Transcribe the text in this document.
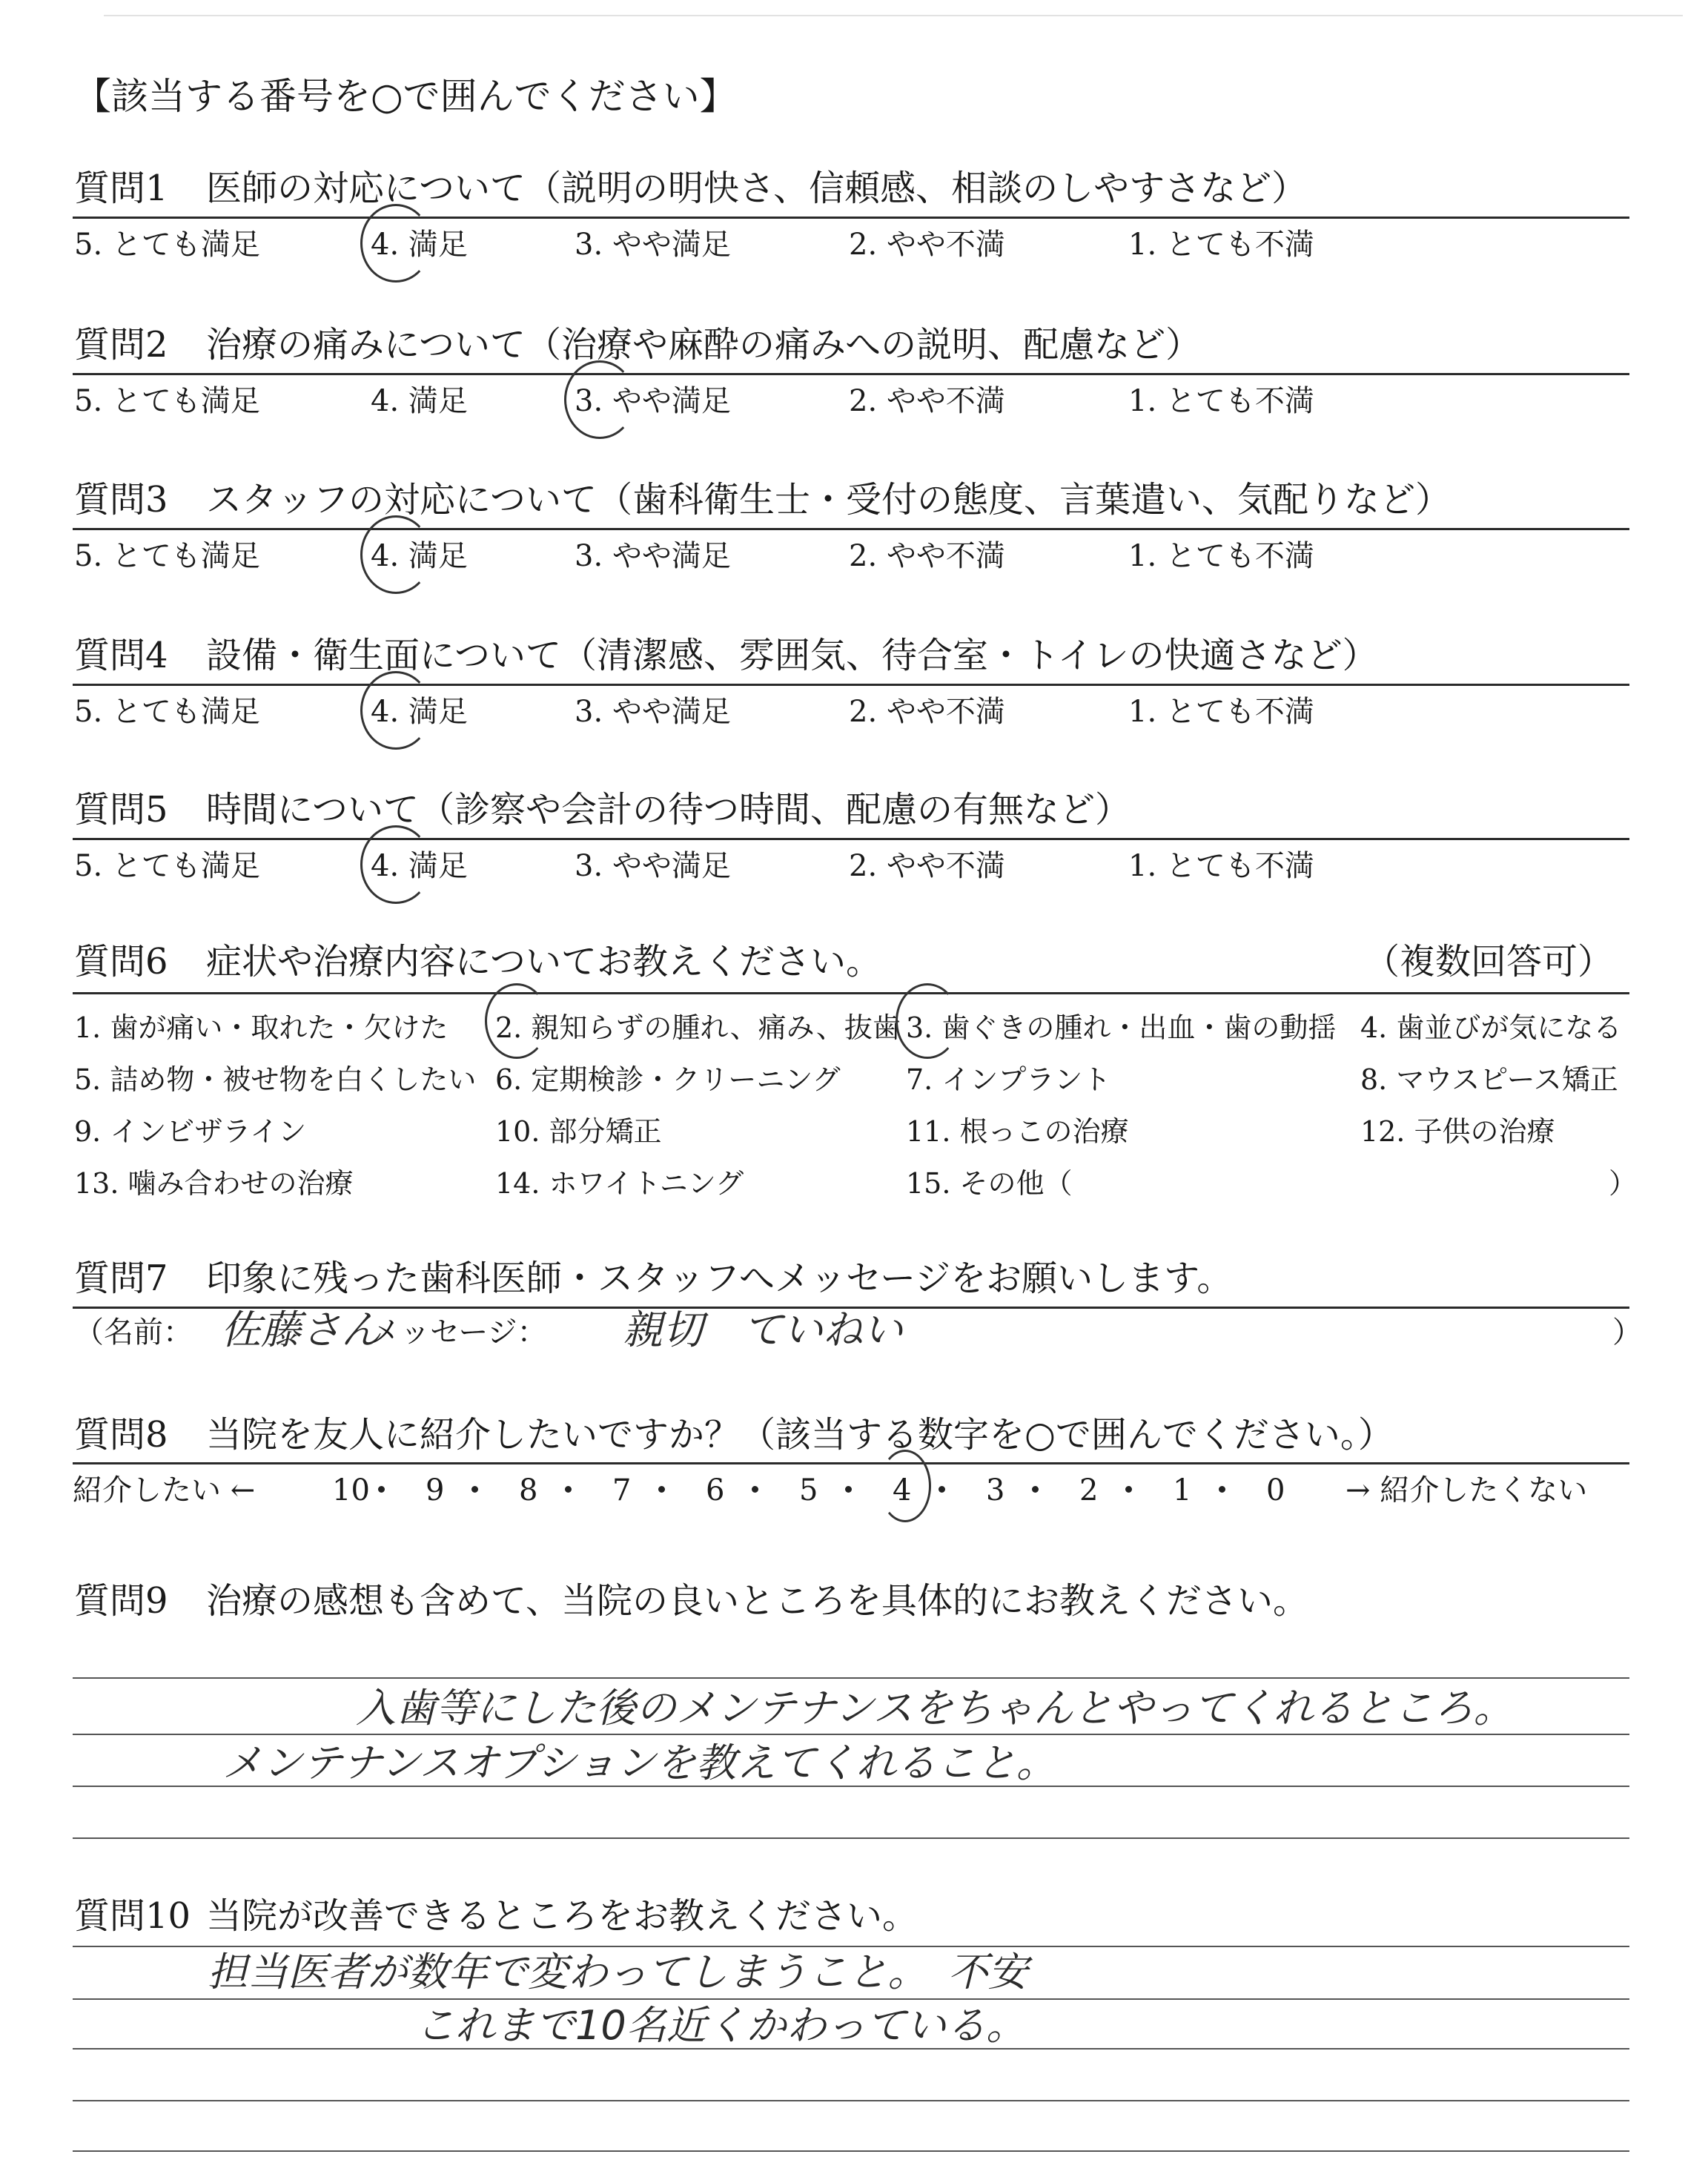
【該当する番号を○で囲んでください】
質問1 医師の対応について（説明の明快さ、信頼感、相談のしやすさなど）
5. とても満足	4. 満足	3. やや満足	2. やや不満	1. とても不満
質問2 治療の痛みについて（治療や麻酔の痛みへの説明、配慮など）
5. とても満足	4. 満足	3. やや満足	2. やや不満	1. とても不満
質問3 スタッフの対応について（歯科衛生士・受付の態度、言葉遣い、気配りなど）
5. とても満足	4. 満足	3. やや満足	2. やや不満	1. とても不満
質問4 設備・衛生面について（清潔感、雰囲気、待合室・トイレの快適さなど）
5. とても満足	4. 満足	3. やや満足	2. やや不満	1. とても不満
質問5 時間について（診察や会計の待つ時間、配慮の有無など）
5. とても満足	4. 満足	3. やや満足	2. やや不満	1. とても不満
質問6 症状や治療内容についてお教えください。	（複数回答可）
1. 歯が痛い・取れた・欠けた 2. 親知らずの腫れ、痛み、抜歯 3. 歯ぐきの腫れ・出血・歯の動揺 4. 歯並びが気になる
5. 詰め物・被せ物を白くしたい 6. 定期検診・クリーニング 7. インプラント	8. マウスピース矯正
9. インビザライン	10. 部分矯正	11. 根っこの治療	12. 子供の治療
13. 噛み合わせの治療	14. ホワイトニング	15. その他（	）
質問7 印象に残った歯科医師・スタッフへメッセージをお願いします。
（名前： 佐藤さん
メッセージ： 親切　ていねい	）
質問8 当院を友人に紹介したいですか？（該当する数字を○で囲んでください。）
紹介したい ←	10 9	8	7	6	5	4	3	2	1	0 → 紹介したくない
質問9 治療の感想も含めて、当院の良いところを具体的にお教えください。
入歯等にした後のメンテナンスをちゃんとやってくれるところ。
メンテナンスオプションを教えてくれること。
質問10 当院が改善できるところをお教えください。
担当医者が数年で変わってしまうこと。　不安
これまで10名近くかわっている。
